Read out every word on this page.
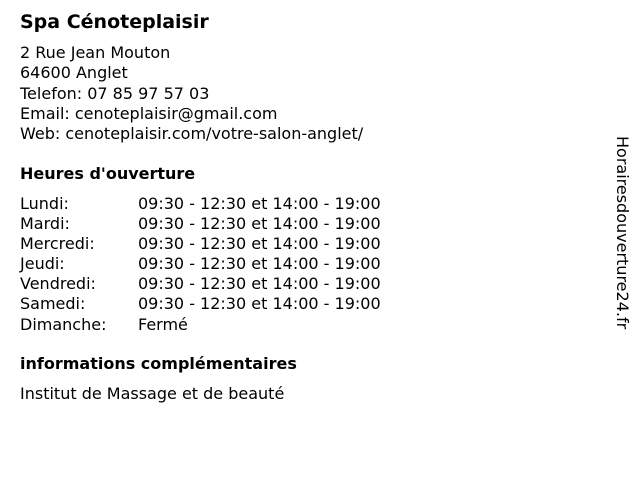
Spa Cénoteplaisir
2 Rue Jean Mouton
64600 Anglet
Telefon: 07 85 97 57 03
Email: cenoteplaisir@gmail.com
Web: cenoteplaisir.com/votre-salon-anglet/
Heures d'ouverture
Lundi:	09:30 - 12:30 et 14:00 - 19:00
Mardi:	09:30 - 12:30 et 14:00 - 19:00
Mercredi:	09:30 - 12:30 et 14:00 - 19:00
Jeudi:	09:30 - 12:30 et 14:00 - 19:00
Vendredi:	09:30 - 12:30 et 14:00 - 19:00
Samedi:	09:30 - 12:30 et 14:00 - 19:00
Dimanche:	Fermé
informations complémentaires
Institut de Massage et de beauté
Horairesdouverture24.fr
